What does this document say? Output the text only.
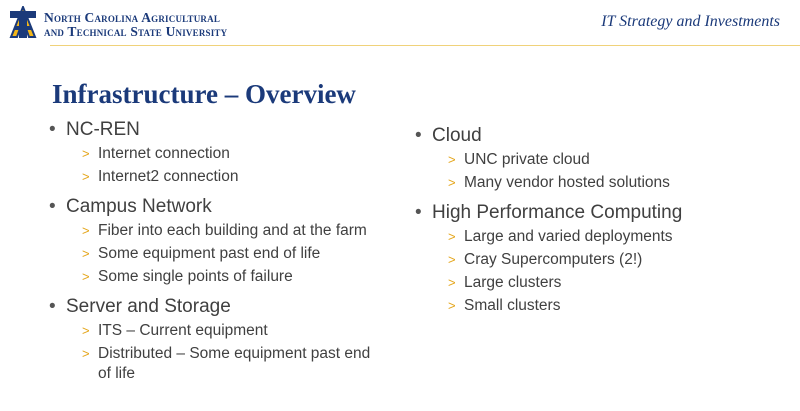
North Carolina Agricultural
and Technical State University
IT Strategy and Investments
Infrastructure – Overview
• NC-REN
> Internet connection
> Internet2 connection
• Campus Network
> Fiber into each building and at the farm
> Some equipment past end of life
> Some single points of failure
• Server and Storage
> ITS – Current equipment
> Distributed – Some equipment past end of life
• Cloud
> UNC private cloud
> Many vendor hosted solutions
• High Performance Computing
> Large and varied deployments
> Cray Supercomputers (2!)
> Large clusters
> Small clusters
